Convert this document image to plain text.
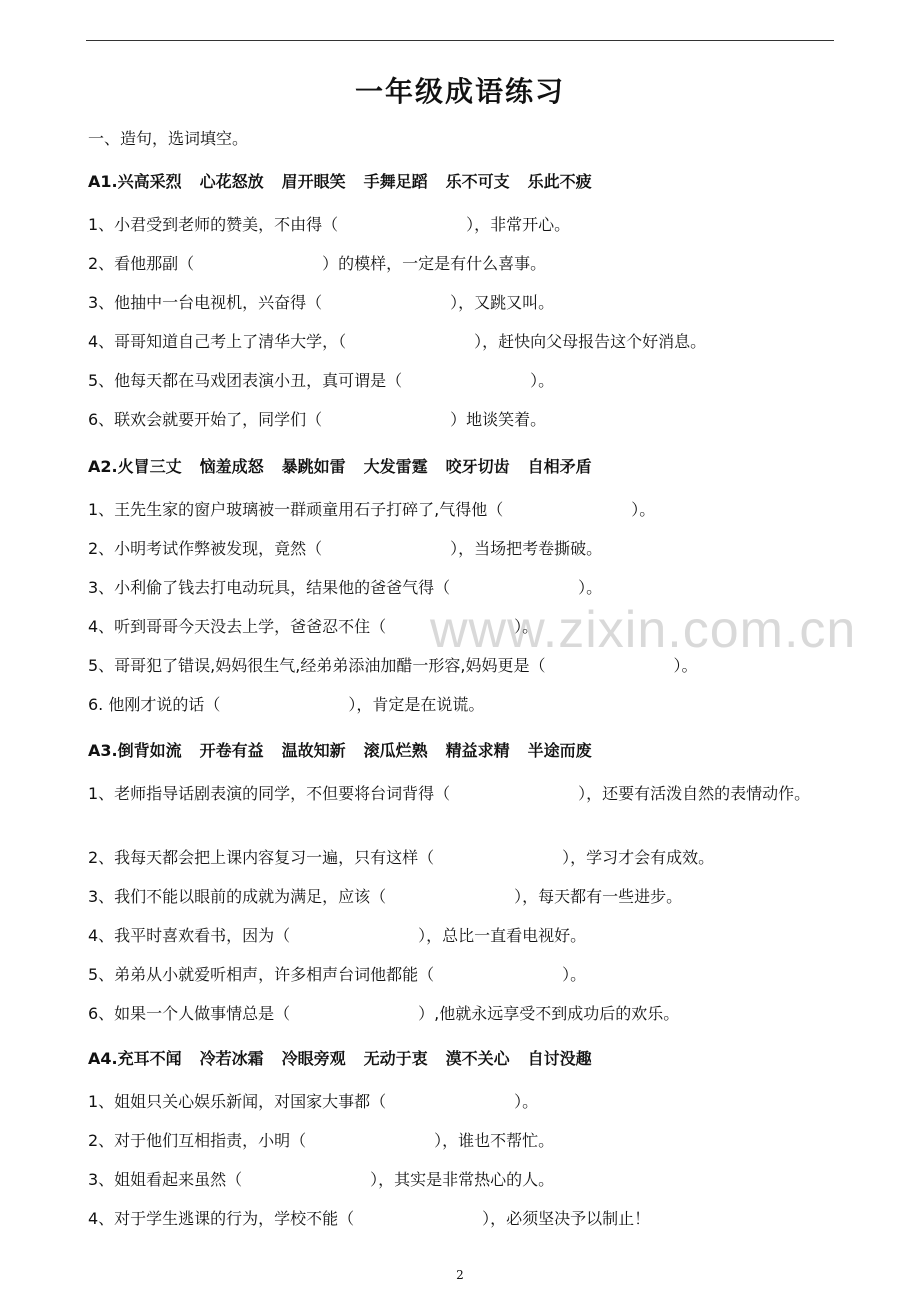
一年级成语练习
一、造句，选词填空。
www.zixin.com.cn
A1.兴高采烈 心花怒放 眉开眼笑 手舞足蹈 乐不可支 乐此不疲
1、小君受到老师的赞美，不由得（　　　　　　　　），非常开心。
2、看他那副（　　　　　　　　）的模样，一定是有什么喜事。
3、他抽中一台电视机，兴奋得（　　　　　　　　），又跳又叫。
4、哥哥知道自己考上了清华大学，（　　　　　　　　），赶快向父母报告这个好消息。
5、他每天都在马戏团表演小丑，真可谓是（　　　　　　　　）。
6、联欢会就要开始了，同学们（　　　　　　　　）地谈笑着。
A2.火冒三丈 恼羞成怒 暴跳如雷 大发雷霆 咬牙切齿 自相矛盾
1、王先生家的窗户玻璃被一群顽童用石子打碎了,气得他（　　　　　　　　）。
2、小明考试作弊被发现，竟然（　　　　　　　　），当场把考卷撕破。
3、小利偷了钱去打电动玩具，结果他的爸爸气得（　　　　　　　　）。
4、听到哥哥今天没去上学，爸爸忍不住（　　　　　　　　）。
5、哥哥犯了错误,妈妈很生气,经弟弟添油加醋一形容,妈妈更是（　　　　　　　　）。
6. 他刚才说的话（　　　　　　　　），肯定是在说谎。
A3.倒背如流 开卷有益 温故知新 滚瓜烂熟 精益求精 半途而废
1、老师指导话剧表演的同学，不但要将台词背得（　　　　　　　　），还要有活泼自然的表情动作。
2、我每天都会把上课内容复习一遍，只有这样（　　　　　　　　），学习才会有成效。
3、我们不能以眼前的成就为满足，应该（　　　　　　　　），每天都有一些进步。
4、我平时喜欢看书，因为（　　　　　　　　），总比一直看电视好。
5、弟弟从小就爱听相声，许多相声台词他都能（　　　　　　　　）。
6、如果一个人做事情总是（　　　　　　　　）,他就永远享受不到成功后的欢乐。
A4.充耳不闻 冷若冰霜 冷眼旁观 无动于衷 漠不关心 自讨没趣
1、姐姐只关心娱乐新闻，对国家大事都（　　　　　　　　）。
2、对于他们互相指责，小明（　　　　　　　　），谁也不帮忙。
3、姐姐看起来虽然（　　　　　　　　），其实是非常热心的人。
4、对于学生逃课的行为，学校不能（　　　　　　　　），必须坚决予以制止！
2
